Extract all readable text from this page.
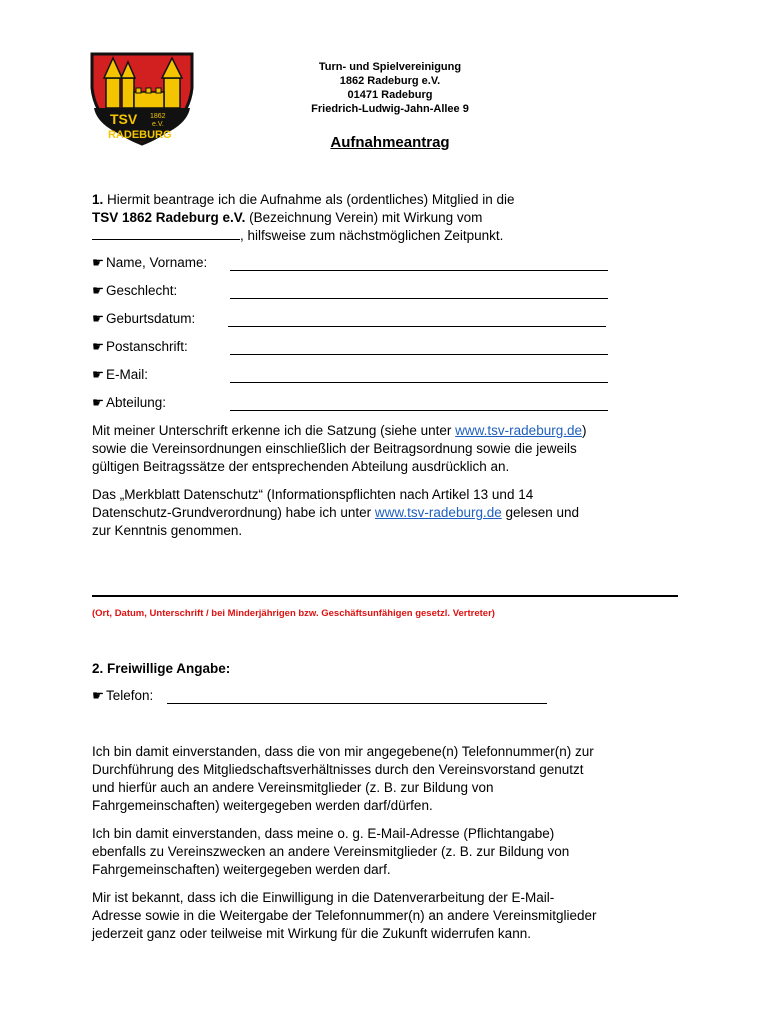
TSV 1862
e.V.
RADEBURG
Turn- und Spielvereinigung
1862 Radeburg e.V.
01471 Radeburg
Friedrich-Ludwig-Jahn-Allee 9
Aufnahmeantrag
1. Hiermit beantrage ich die Aufnahme als (ordentliches) Mitglied in die
TSV 1862 Radeburg e.V. (Bezeichnung Verein) mit Wirkung vom
, hilfsweise zum nächstmöglichen Zeitpunkt.
☛ Name, Vorname:
☛ Geschlecht:
☛ Geburtsdatum:
☛ Postanschrift:
☛ E-Mail:
☛ Abteilung:
Mit meiner Unterschrift erkenne ich die Satzung (siehe unter www.tsv-radeburg.de)
sowie die Vereinsordnungen einschließlich der Beitragsordnung sowie die jeweils
gültigen Beitragssätze der entsprechenden Abteilung ausdrücklich an.
Das „Merkblatt Datenschutz“ (Informationspflichten nach Artikel 13 und 14
Datenschutz-Grundverordnung) habe ich unter www.tsv-radeburg.de gelesen und
zur Kenntnis genommen.
(Ort, Datum, Unterschrift / bei Minderjährigen bzw. Geschäftsunfähigen gesetzl. Vertreter)
2. Freiwillige Angabe:
☛ Telefon:
Ich bin damit einverstanden, dass die von mir angegebene(n) Telefonnummer(n) zur
Durchführung des Mitgliedschaftsverhältnisses durch den Vereinsvorstand genutzt
und hierfür auch an andere Vereinsmitglieder (z. B. zur Bildung von
Fahrgemeinschaften) weitergegeben werden darf/dürfen.
Ich bin damit einverstanden, dass meine o. g. E-Mail-Adresse (Pflichtangabe)
ebenfalls zu Vereinszwecken an andere Vereinsmitglieder (z. B. zur Bildung von
Fahrgemeinschaften) weitergegeben werden darf.
Mir ist bekannt, dass ich die Einwilligung in die Datenverarbeitung der E-Mail-
Adresse sowie in die Weitergabe der Telefonnummer(n) an andere Vereinsmitglieder
jederzeit ganz oder teilweise mit Wirkung für die Zukunft widerrufen kann.
